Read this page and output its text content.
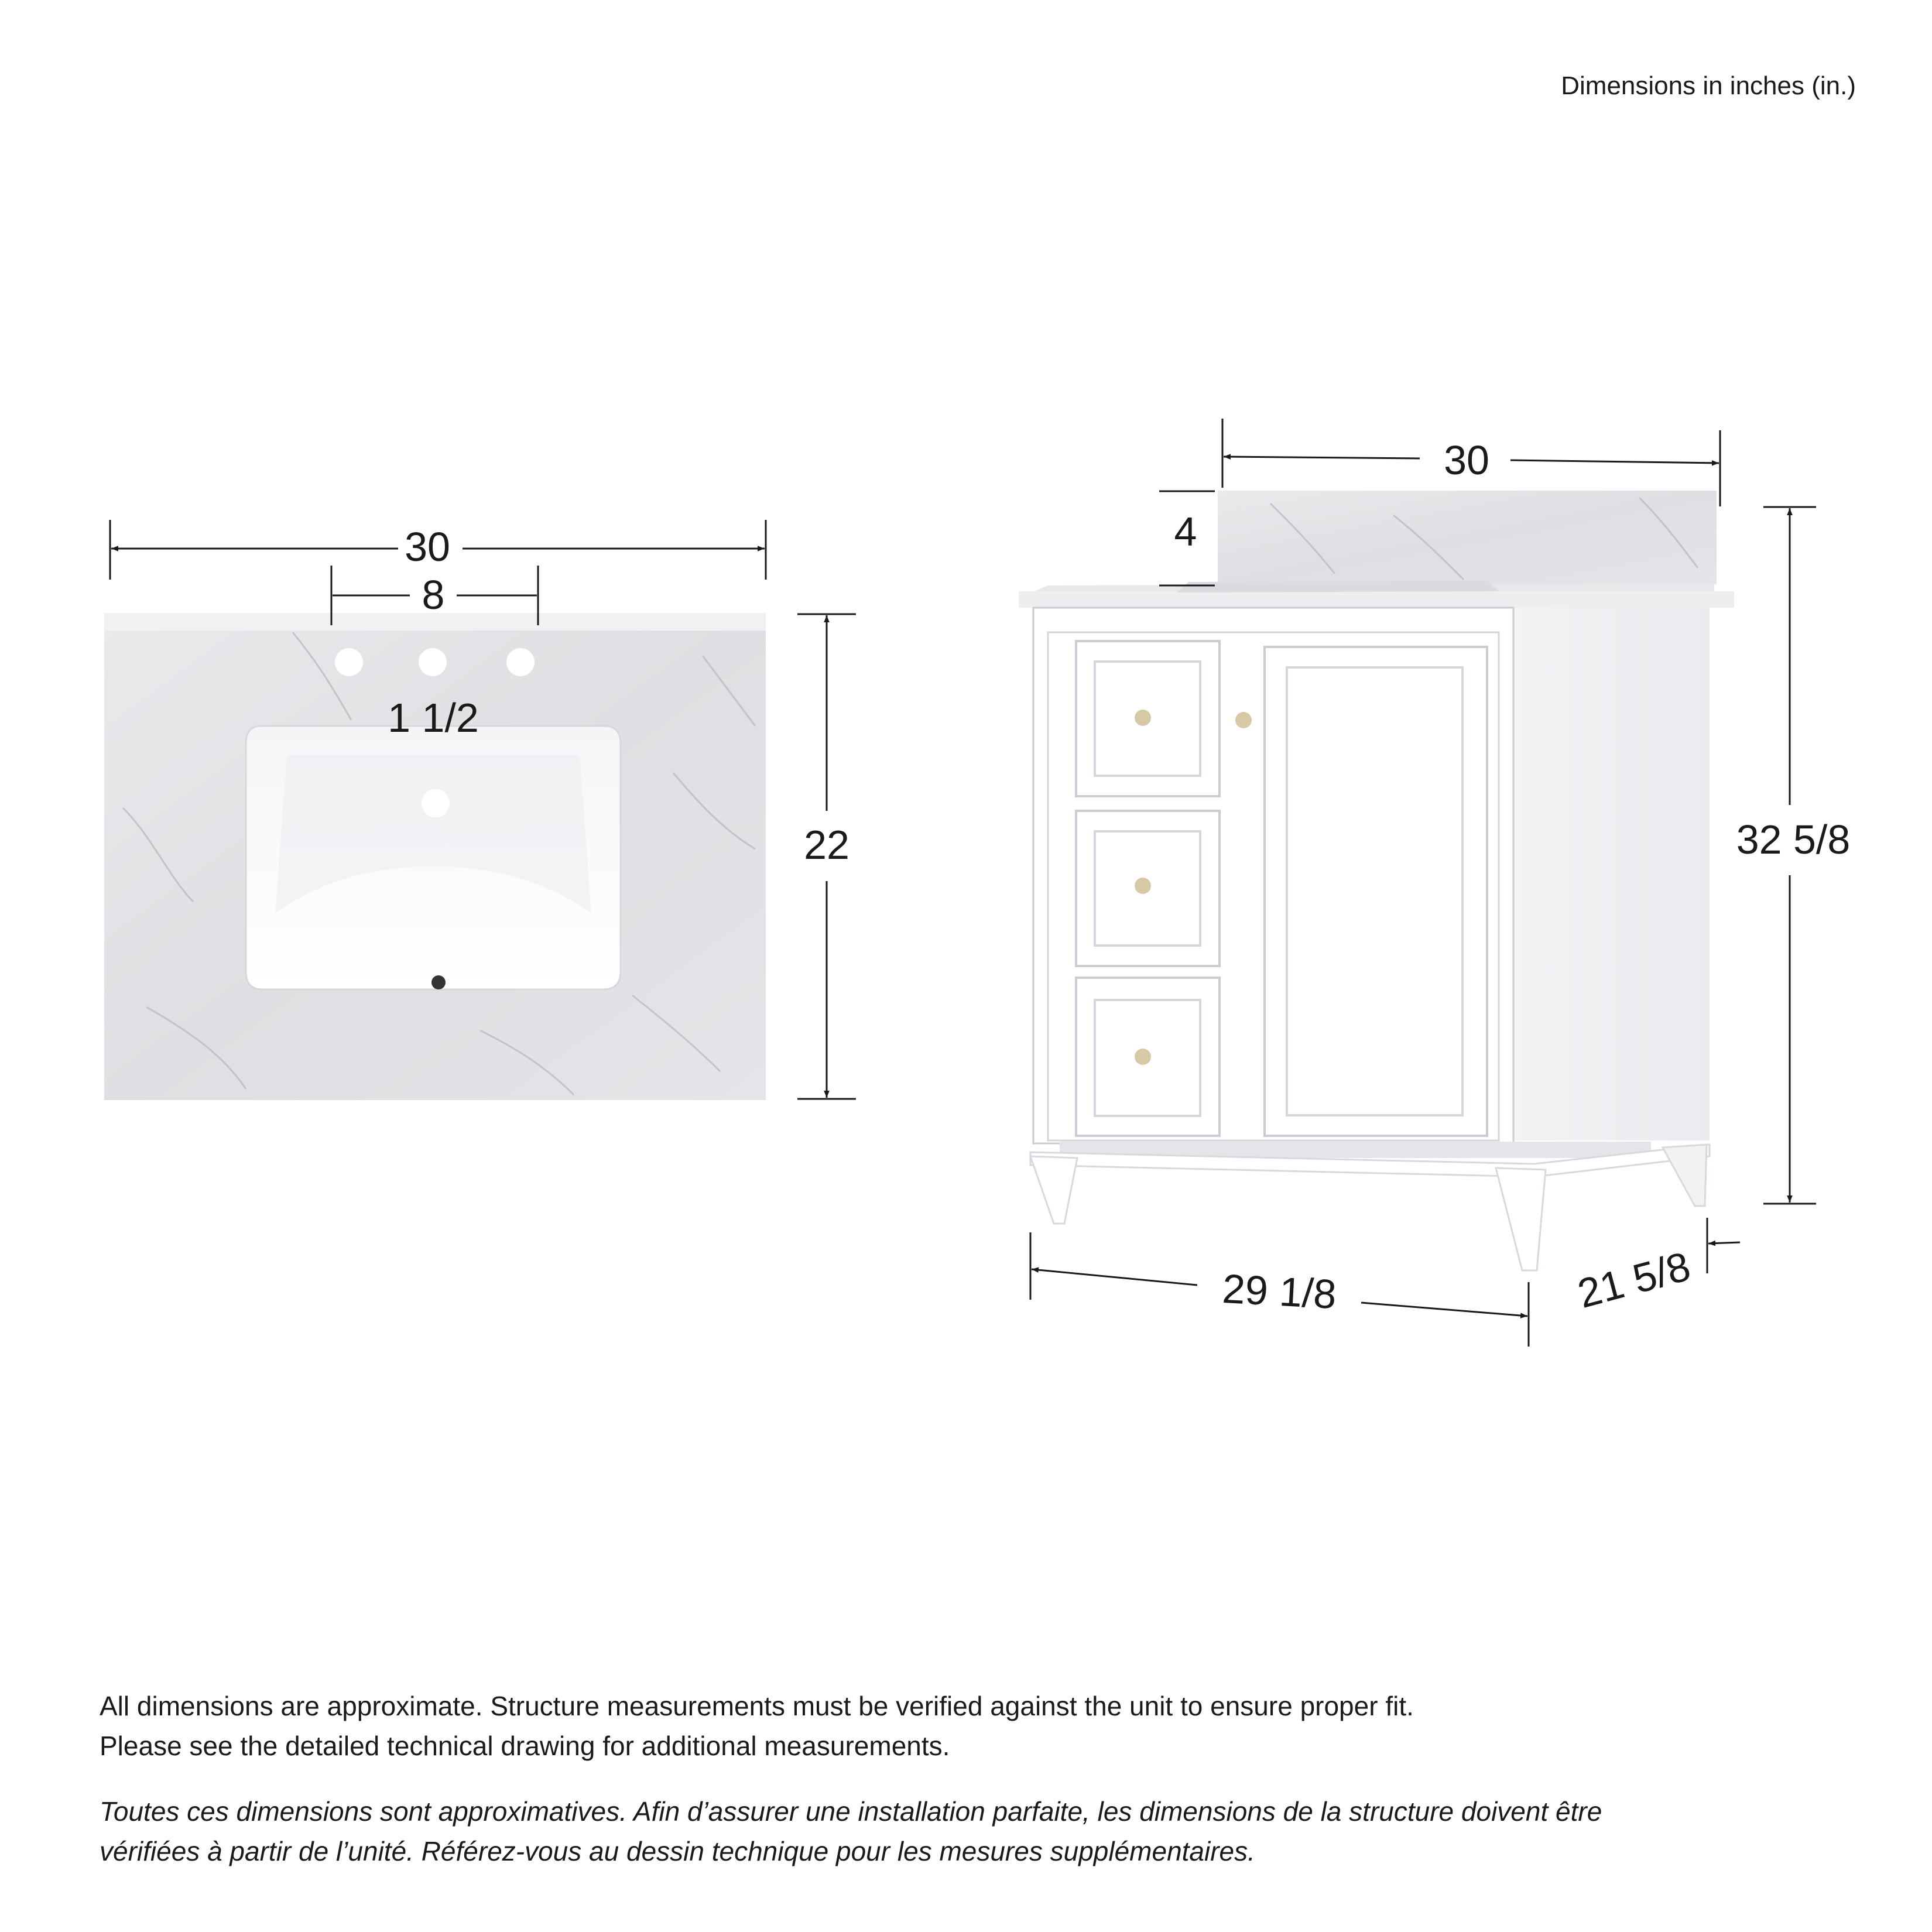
Dimensions in inches (in.)
30
8
1 1/2
22
30
4
32 5/8
29 1/8	21 5/8

All dimensions are approximate. Structure measurements must be verified against the unit to ensure proper fit.

Please see the detailed technical drawing for additional measurements.

Toutes ces dimensions sont approximatives. Afin d’assurer une installation parfaite, les dimensions de la structure doivent être

vérifiées à partir de l’unité. Référez-vous au dessin technique pour les mesures supplémentaires.
